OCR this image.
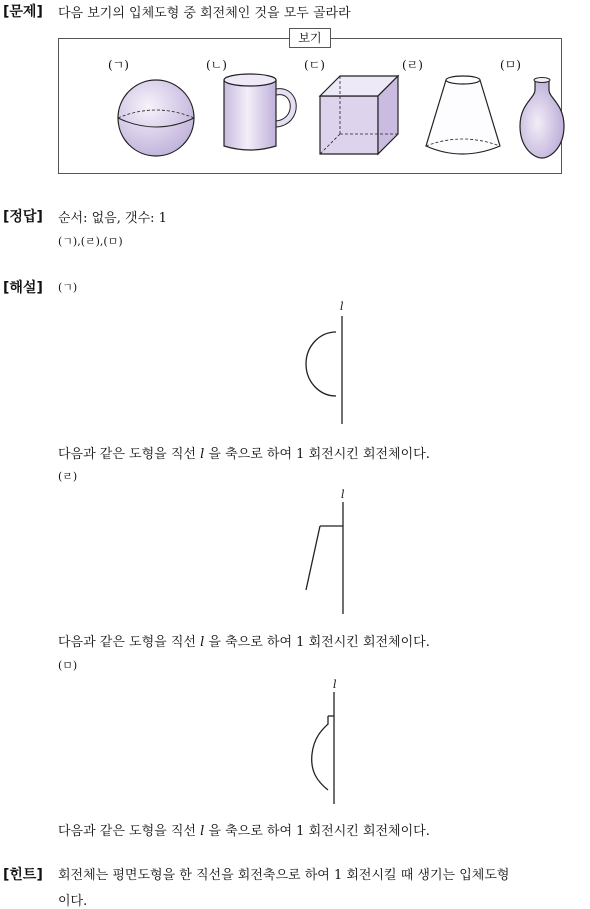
[문제] 다음 보기의 입체도형 중 회전체인 것을 모두 골라라
보기
(ㄱ)	(ㄴ)	(ㄷ)	(ㄹ)	(ㅁ)
[정답] 순서: 없음, 갯수: 1
(ㄱ),(ㄹ),(ㅁ)
[해설] (ㄱ)
l
다음과 같은 도형을 직선 l 을 축으로 하여 1 회전시킨 회전체이다.
(ㄹ)
l
다음과 같은 도형을 직선 l 을 축으로 하여 1 회전시킨 회전체이다.
(ㅁ)
l
다음과 같은 도형을 직선 l 을 축으로 하여 1 회전시킨 회전체이다.
[힌트] 회전체는 평면도형을 한 직선을 회전축으로 하여 1 회전시킬 때 생기는 입체도형
이다.
